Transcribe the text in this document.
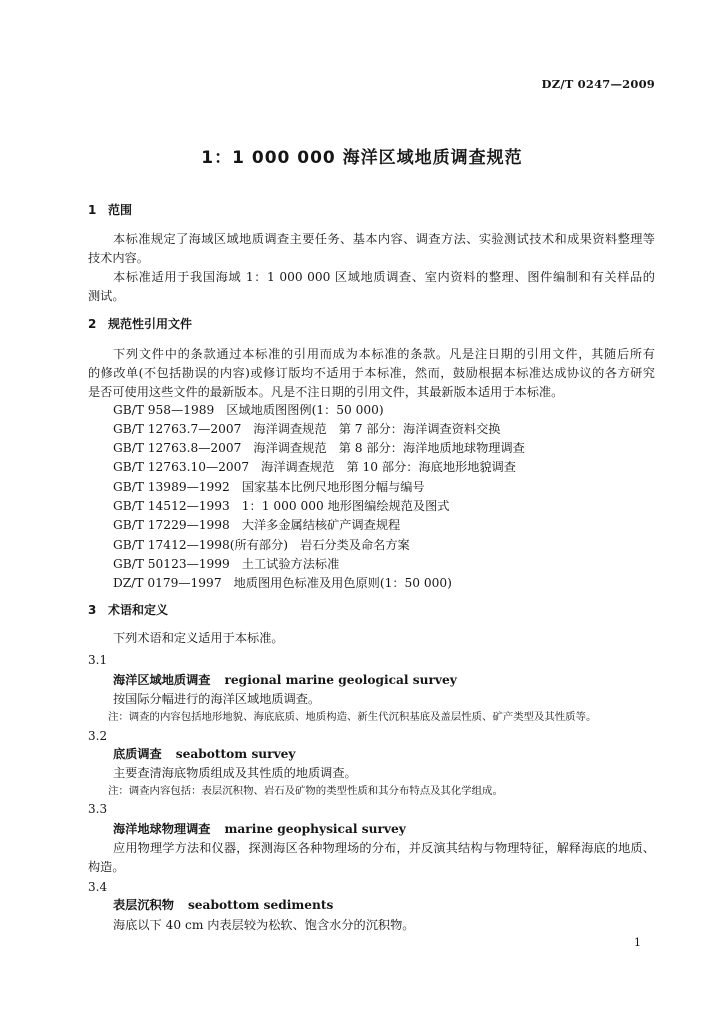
DZ/T 0247—2009
1：1 000 000 海洋区域地质调查规范
1 范围
本标准规定了海域区域地质调查主要任务、基本内容、调查方法、实验测试技术和成果资料整理等
技术内容。
本标准适用于我国海域 1：1 000 000 区域地质调查、室内资料的整理、图件编制和有关样品的
测试。
2 规范性引用文件
下列文件中的条款通过本标准的引用而成为本标准的条款。凡是注日期的引用文件，其随后所有
的修改单(不包括勘误的内容)或修订版均不适用于本标准，然而，鼓励根据本标准达成协议的各方研究
是否可使用这些文件的最新版本。凡是不注日期的引用文件，其最新版本适用于本标准。
GB/T 958—1989 区域地质图图例(1：50 000)
GB/T 12763.7—2007 海洋调查规范　第 7 部分：海洋调查资料交换
GB/T 12763.8—2007 海洋调查规范　第 8 部分：海洋地质地球物理调查
GB/T 12763.10—2007 海洋调查规范　第 10 部分：海底地形地貌调查
GB/T 13989—1992 国家基本比例尺地形图分幅与编号
GB/T 14512—1993 1：1 000 000 地形图编绘规范及图式
GB/T 17229—1998 大洋多金属结核矿产调查规程
GB/T 17412—1998(所有部分) 岩石分类及命名方案
GB/T 50123—1999 土工试验方法标准
DZ/T 0179—1997 地质图用色标准及用色原则(1：50 000)
3 术语和定义
下列术语和定义适用于本标准。
3.1
海洋区域地质调查 regional marine geological survey
按国际分幅进行的海洋区域地质调查。
注：调查的内容包括地形地貌、海底底质、地质构造、新生代沉积基底及盖层性质、矿产类型及其性质等。
3.2
底质调查 seabottom survey
主要查清海底物质组成及其性质的地质调查。
注：调查内容包括：表层沉积物、岩石及矿物的类型性质和其分布特点及其化学组成。
3.3
海洋地球物理调查 marine geophysical survey
应用物理学方法和仪器，探测海区各种物理场的分布，并反演其结构与物理特征，解释海底的地质、
构造。
3.4
表层沉积物 seabottom sediments
海底以下 40 cm 内表层较为松软、饱含水分的沉积物。
1
